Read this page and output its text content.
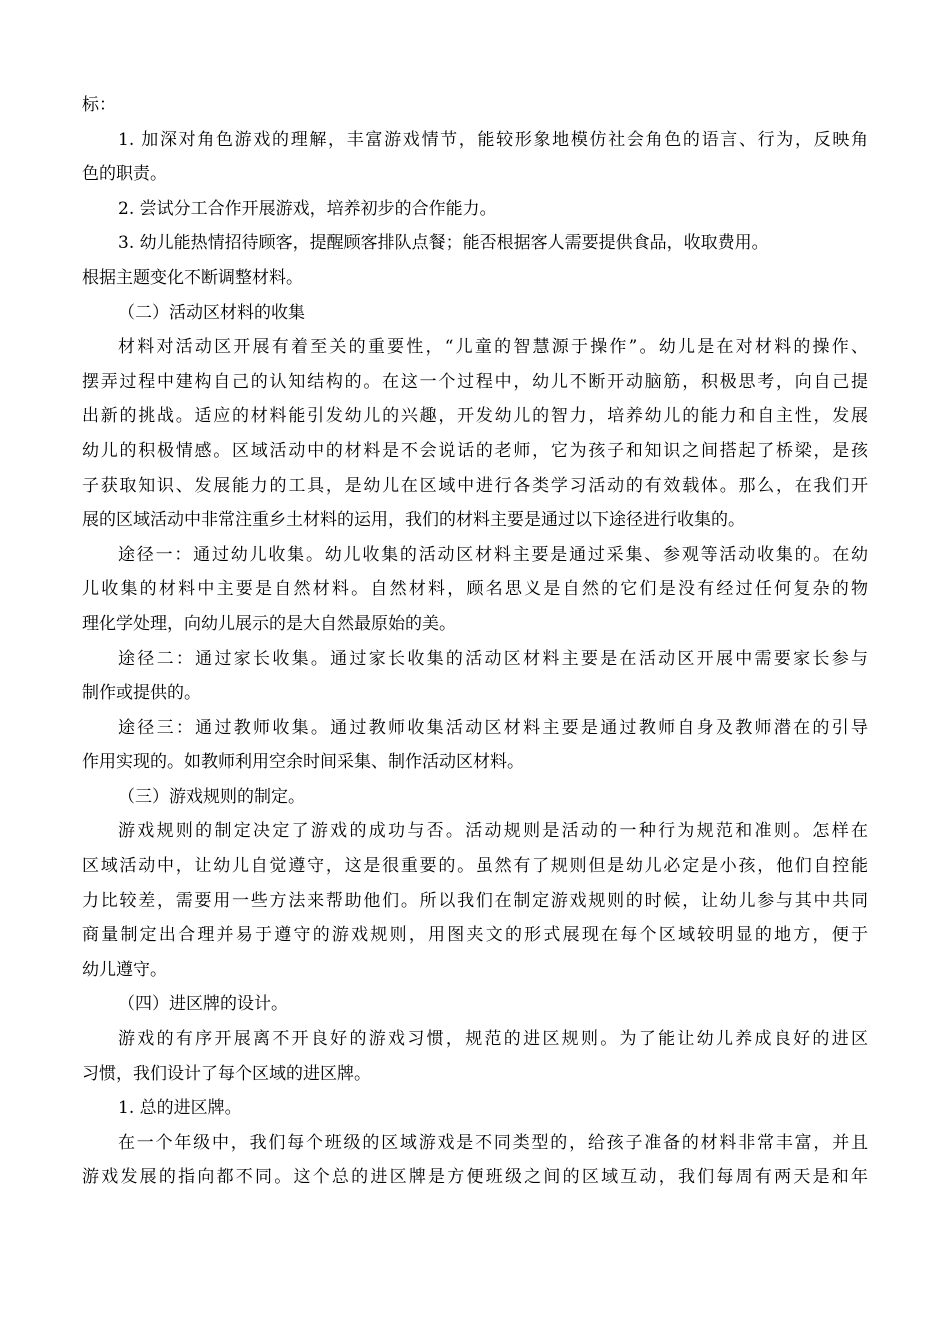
标：
1. 加深对角色游戏的理解，丰富游戏情节，能较形象地模仿社会角色的语言、行为，反映角
色的职责。
2. 尝试分工合作开展游戏，培养初步的合作能力。
3. 幼儿能热情招待顾客，提醒顾客排队点餐；能否根据客人需要提供食品，收取费用。
根据主题变化不断调整材料。
（二）活动区材料的收集
材料对活动区开展有着至关的重要性，“儿童的智慧源于操作”。幼儿是在对材料的操作、
摆弄过程中建构自己的认知结构的。在这一个过程中，幼儿不断开动脑筋，积极思考，向自己提
出新的挑战。适应的材料能引发幼儿的兴趣，开发幼儿的智力，培养幼儿的能力和自主性，发展
幼儿的积极情感。区域活动中的材料是不会说话的老师，它为孩子和知识之间搭起了桥梁，是孩
子获取知识、发展能力的工具，是幼儿在区域中进行各类学习活动的有效载体。那么，在我们开
展的区域活动中非常注重乡土材料的运用，我们的材料主要是通过以下途径进行收集的。
途径一：通过幼儿收集。幼儿收集的活动区材料主要是通过采集、参观等活动收集的。在幼
儿收集的材料中主要是自然材料。自然材料，顾名思义是自然的它们是没有经过任何复杂的物
理化学处理，向幼儿展示的是大自然最原始的美。
途径二：通过家长收集。通过家长收集的活动区材料主要是在活动区开展中需要家长参与
制作或提供的。
途径三：通过教师收集。通过教师收集活动区材料主要是通过教师自身及教师潜在的引导
作用实现的。如教师利用空余时间采集、制作活动区材料。
（三）游戏规则的制定。
游戏规则的制定决定了游戏的成功与否。活动规则是活动的一种行为规范和准则。怎样在
区域活动中，让幼儿自觉遵守，这是很重要的。虽然有了规则但是幼儿必定是小孩，他们自控能
力比较差，需要用一些方法来帮助他们。所以我们在制定游戏规则的时候，让幼儿参与其中共同
商量制定出合理并易于遵守的游戏规则，用图夹文的形式展现在每个区域较明显的地方，便于
幼儿遵守。
（四）进区牌的设计。
游戏的有序开展离不开良好的游戏习惯，规范的进区规则。为了能让幼儿养成良好的进区
习惯，我们设计了每个区域的进区牌。
1. 总的进区牌。
在一个年级中，我们每个班级的区域游戏是不同类型的，给孩子准备的材料非常丰富，并且
游戏发展的指向都不同。这个总的进区牌是方便班级之间的区域互动，我们每周有两天是和年
